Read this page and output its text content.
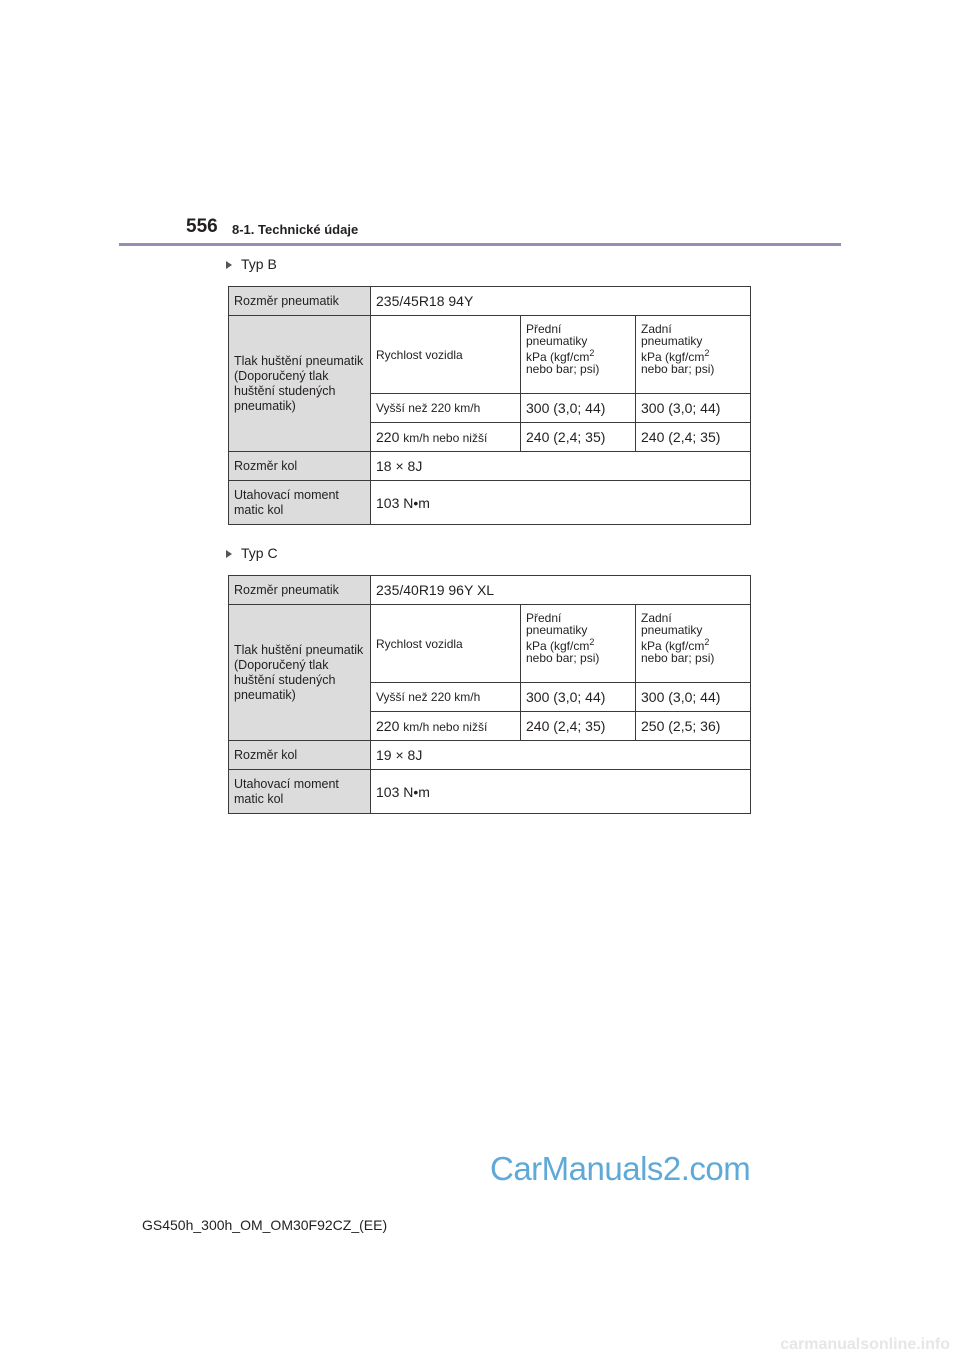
556 8-1. Technické údaje
Typ B
Rozměr pneumatik	235/45R18 94Y		
Tlak huštění pneumatik (Doporučený tlak huštění studených pneumatik)	Rychlost vozidla	Přední
pneumatiky
kPa ($kgf/cm^2$
nebo bar; psi)	Zadní
pneumatiky
kPa ($kgf/cm^2$
nebo bar; psi)
	Vyšší než 220 km/h	300 (3,0; 44)	300 (3,0; 44)
	220 km/h nebo nižší	240 (2,4; 35)	240 (2,4; 35)
Rozměr kol	18 × 8J		
Utahovací moment matic kol	103 N•m		
Typ C
Rozměr pneumatik	235/40R19 96Y XL		
Tlak huštění pneumatik (Doporučený tlak huštění studených pneumatik)	Rychlost vozidla	Přední
pneumatiky
kPa ($kgf/cm^2$
nebo bar; psi)	Zadní
pneumatiky
kPa ($kgf/cm^2$
nebo bar; psi)
	Vyšší než 220 km/h	300 (3,0; 44)	300 (3,0; 44)
	220 km/h nebo nižší	240 (2,4; 35)	250 (2,5; 36)
Rozměr kol	19 × 8J		
Utahovací moment matic kol	103 N•m		
CarManuals2.com
GS450h_300h_OM_OM30F92CZ_(EE)
carmanualsonline.info
